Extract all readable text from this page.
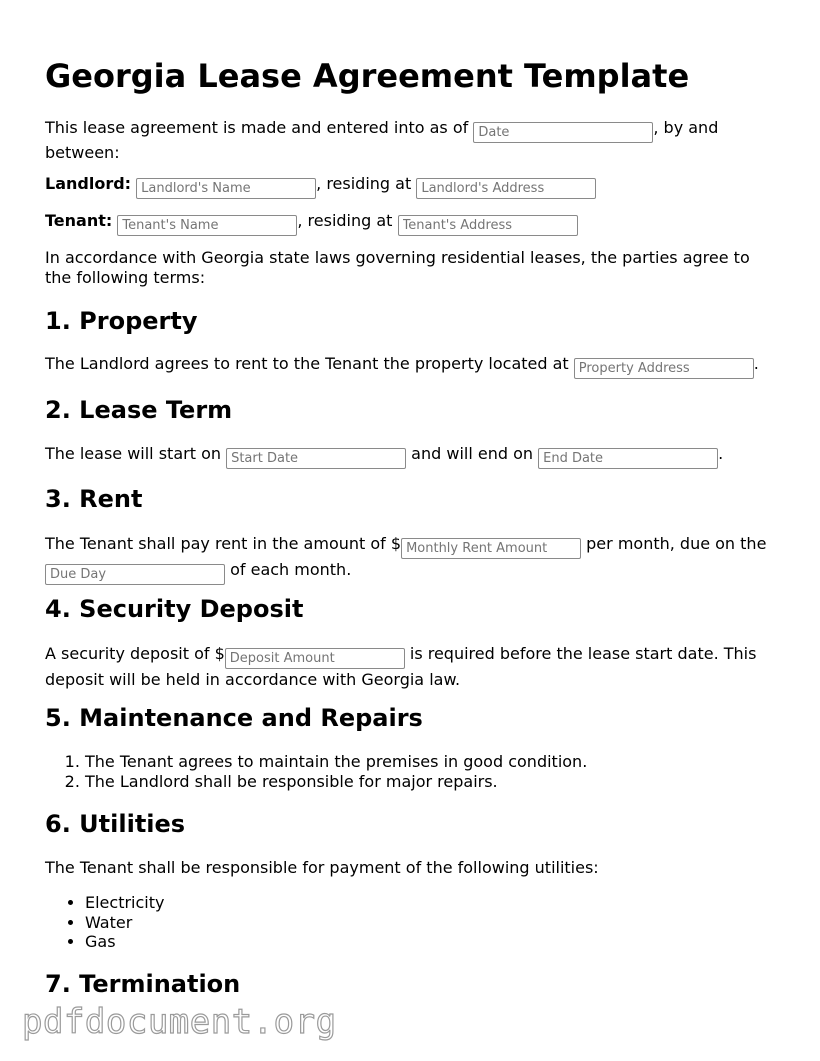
Georgia Lease Agreement Template

This lease agreement is made and entered into as of Date	, by and between:

Landlord: Landlord's Name	, residing at Landlord's Address

Tenant: Tenant's Name	, residing at Tenant's Address

In accordance with Georgia state laws governing residential leases, the parties agree to the following terms:

1. Property

The Landlord agrees to rent to the Tenant the property located at Property Address	.

2. Lease Term

The lease will start on Start Date	and will end on End Date	.

3. Rent

The Tenant shall pay rent in the amount of $Monthly Rent Amount	per month, due on the Due Day of each month.

4. Security Deposit

A security deposit of $Deposit Amount	is required before the lease start date. This deposit will be held in accordance with Georgia law.

5. Maintenance and Repairs
1. The Tenant agrees to maintain the premises in good condition.
2. The Landlord shall be responsible for major repairs.
6. Utilities

The Tenant shall be responsible for payment of the following utilities:

• Electricity
• Water
• Gas
7. Termination
pdfdocument.org
